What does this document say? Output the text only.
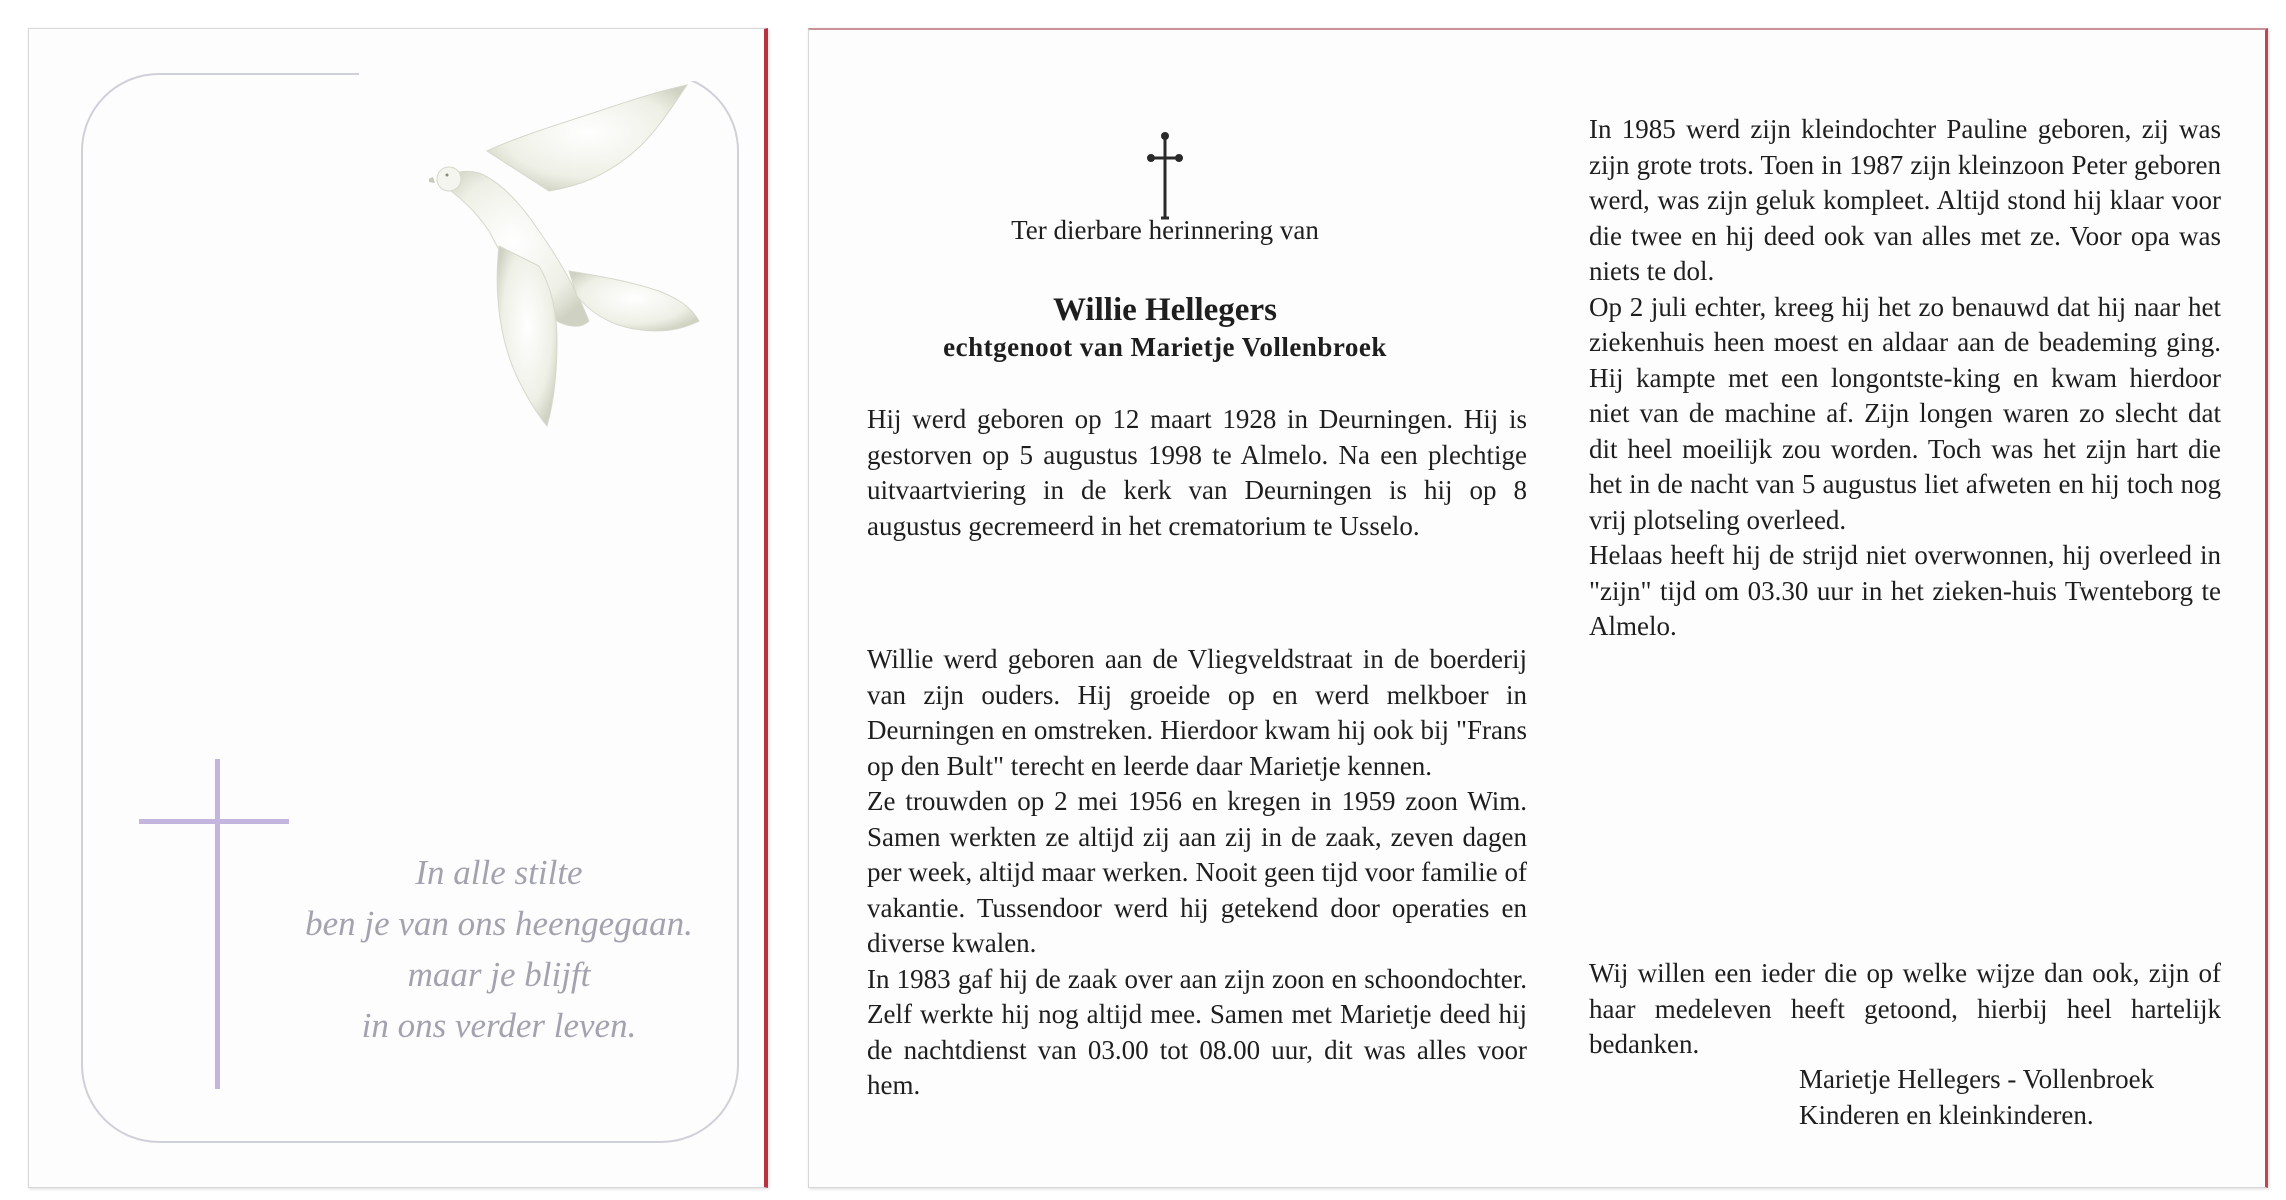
In alle stilte
ben je van ons heengegaan.
maar je blijft
in ons verder leven.
Ter dierbare herinnering van
Willie Hellegers
echtgenoot van Marietje Vollenbroek

Hij werd geboren op 12 maart 1928 in Deurningen. Hij is gestorven op 5 augustus 1998 te Almelo. Na een plechtige uitvaartviering in de kerk van Deurningen is hij op 8 augustus gecremeerd in het crematorium te Usselo.

Willie werd geboren aan de Vliegveldstraat in de boerderij van zijn ouders. Hij groeide op en werd melkboer in Deurningen en omstreken. Hierdoor kwam hij ook bij "Frans op den Bult" terecht en leerde daar Marietje kennen.

Ze trouwden op 2 mei 1956 en kregen in 1959 zoon Wim. Samen werkten ze altijd zij aan zij in de zaak, zeven dagen per week, altijd maar werken. Nooit geen tijd voor familie of vakantie. Tussendoor werd hij getekend door operaties en diverse kwalen.

In 1983 gaf hij de zaak over aan zijn zoon en schoondochter. Zelf werkte hij nog altijd mee. Samen met Marietje deed hij de nachtdienst van 03.00 tot 08.00 uur, dit was alles voor hem.

In 1985 werd zijn kleindochter Pauline geboren, zij was zijn grote trots. Toen in 1987 zijn kleinzoon Peter geboren werd, was zijn geluk kompleet. Altijd stond hij klaar voor die twee en hij deed ook van alles met ze. Voor opa was niets te dol.

Op 2 juli echter, kreeg hij het zo benauwd dat hij naar het ziekenhuis heen moest en aldaar aan de beademing ging. Hij kampte met een longontste-king en kwam hierdoor niet van de machine af. Zijn longen waren zo slecht dat dit heel moeilijk zou worden. Toch was het zijn hart die het in de nacht van 5 augustus liet afweten en hij toch nog vrij plotseling overleed.

Helaas heeft hij de strijd niet overwonnen, hij overleed in "zijn" tijd om 03.30 uur in het zieken-huis Twenteborg te Almelo.

Wij willen een ieder die op welke wijze dan ook, zijn of haar medeleven heeft getoond, hierbij heel hartelijk bedanken.

Marietje Hellegers - Vollenbroek
Kinderen en kleinkinderen.
